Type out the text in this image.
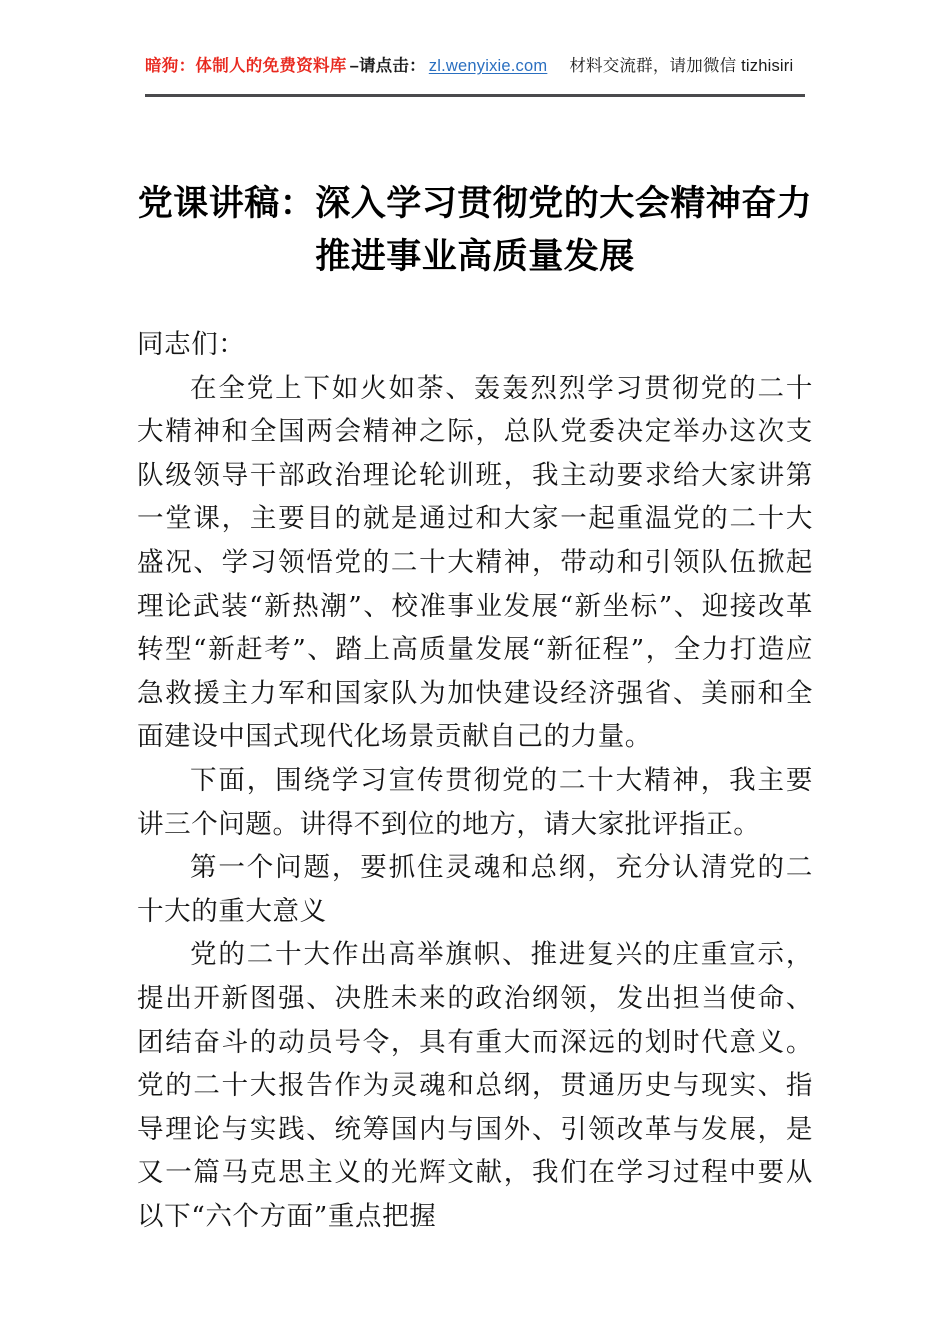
暗狗：体制人的免费资料库 –请点击： zl.wenyixie.com 材料交流群，请加微信 tizhisiri
党课讲稿：深入学习贯彻党的大会精神奋力推进事业高质量发展

同志们：

在全党上下如火如荼、轰轰烈烈学习贯彻党的二十大精神和全国两会精神之际，总队党委决定举办这次支队级领导干部政治理论轮训班，我主动要求给大家讲第一堂课，主要目的就是通过和大家一起重温党的二十大盛况、学习领悟党的二十大精神，带动和引领队伍掀起理论武装“新热潮”、校准事业发展“新坐标”、迎接改革转型“新赶考”、踏上高质量发展“新征程”，全力打造应急救援主力军和国家队为加快建设经济强省、美丽和全面建设中国式现代化场景贡献自己的力量。

下面，围绕学习宣传贯彻党的二十大精神，我主要讲三个问题。讲得不到位的地方，请大家批评指正。

第一个问题，要抓住灵魂和总纲，充分认清党的二十大的重大意义

党的二十大作出高举旗帜、推进复兴的庄重宣示，提出开新图强、决胜未来的政治纲领，发出担当使命、团结奋斗的动员号令，具有重大而深远的划时代意义。党的二十大报告作为灵魂和总纲，贯通历史与现实、指导理论与实践、统筹国内与国外、引领改革与发展，是又一篇马克思主义的光辉文献，我们在学习过程中要从以下“六个方面”重点把握
